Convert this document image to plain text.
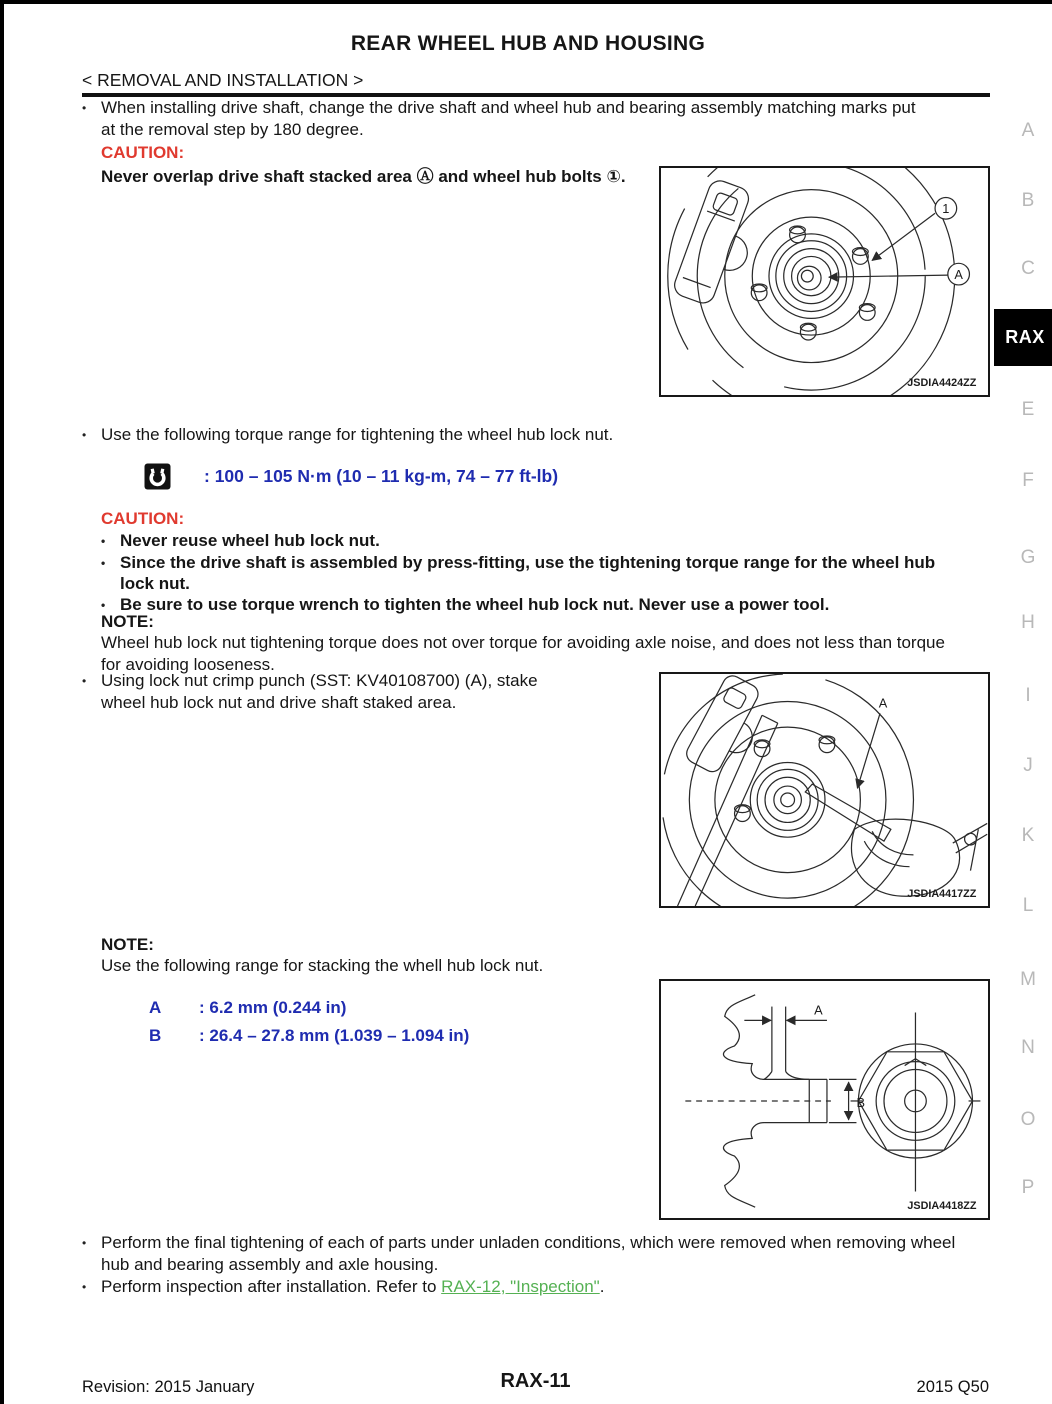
REAR WHEEL HUB AND HOUSING
< REMOVAL AND INSTALLATION >
• When installing drive shaft, change the drive shaft and wheel hub and bearing assembly matching marks put at the removal step by 180 degree.
CAUTION:
Never overlap drive shaft stacked area Ⓐ and wheel hub bolts ①.
1
A
JSDIA4424ZZ
• Use the following torque range for tightening the wheel hub lock nut.
: 100 – 105 N·m (10 – 11 kg-m, 74 – 77 ft-lb)
CAUTION:
• Never reuse wheel hub lock nut.
• Since the drive shaft is assembled by press-fitting, use the tightening torque range for the wheel hub lock nut.
• Be sure to use torque wrench to tighten the wheel hub lock nut. Never use a power tool.
NOTE:
Wheel hub lock nut tightening torque does not over torque for avoiding axle noise, and does not less than torque for avoiding looseness.
• Using lock nut crimp punch (SST: KV40108700) (A), stake wheel hub lock nut and drive shaft staked area.	A
JSDIA4417ZZ
NOTE:
Use the following range for stacking the whell hub lock nut.
A : 6.2 mm (0.244 in)
B : 26.4 – 27.8 mm (1.039 – 1.094 in)
A
B
JSDIA4418ZZ
• Perform the final tightening of each of parts under unladen conditions, which were removed when removing wheel hub and bearing assembly and axle housing.
• Perform inspection after installation. Refer to RAX-12, "Inspection".
A
B
C
RAX
E
F
G
H
I
J
K
L
M
N
O
P
Revision: 2015 January	RAX-11	2015 Q50
